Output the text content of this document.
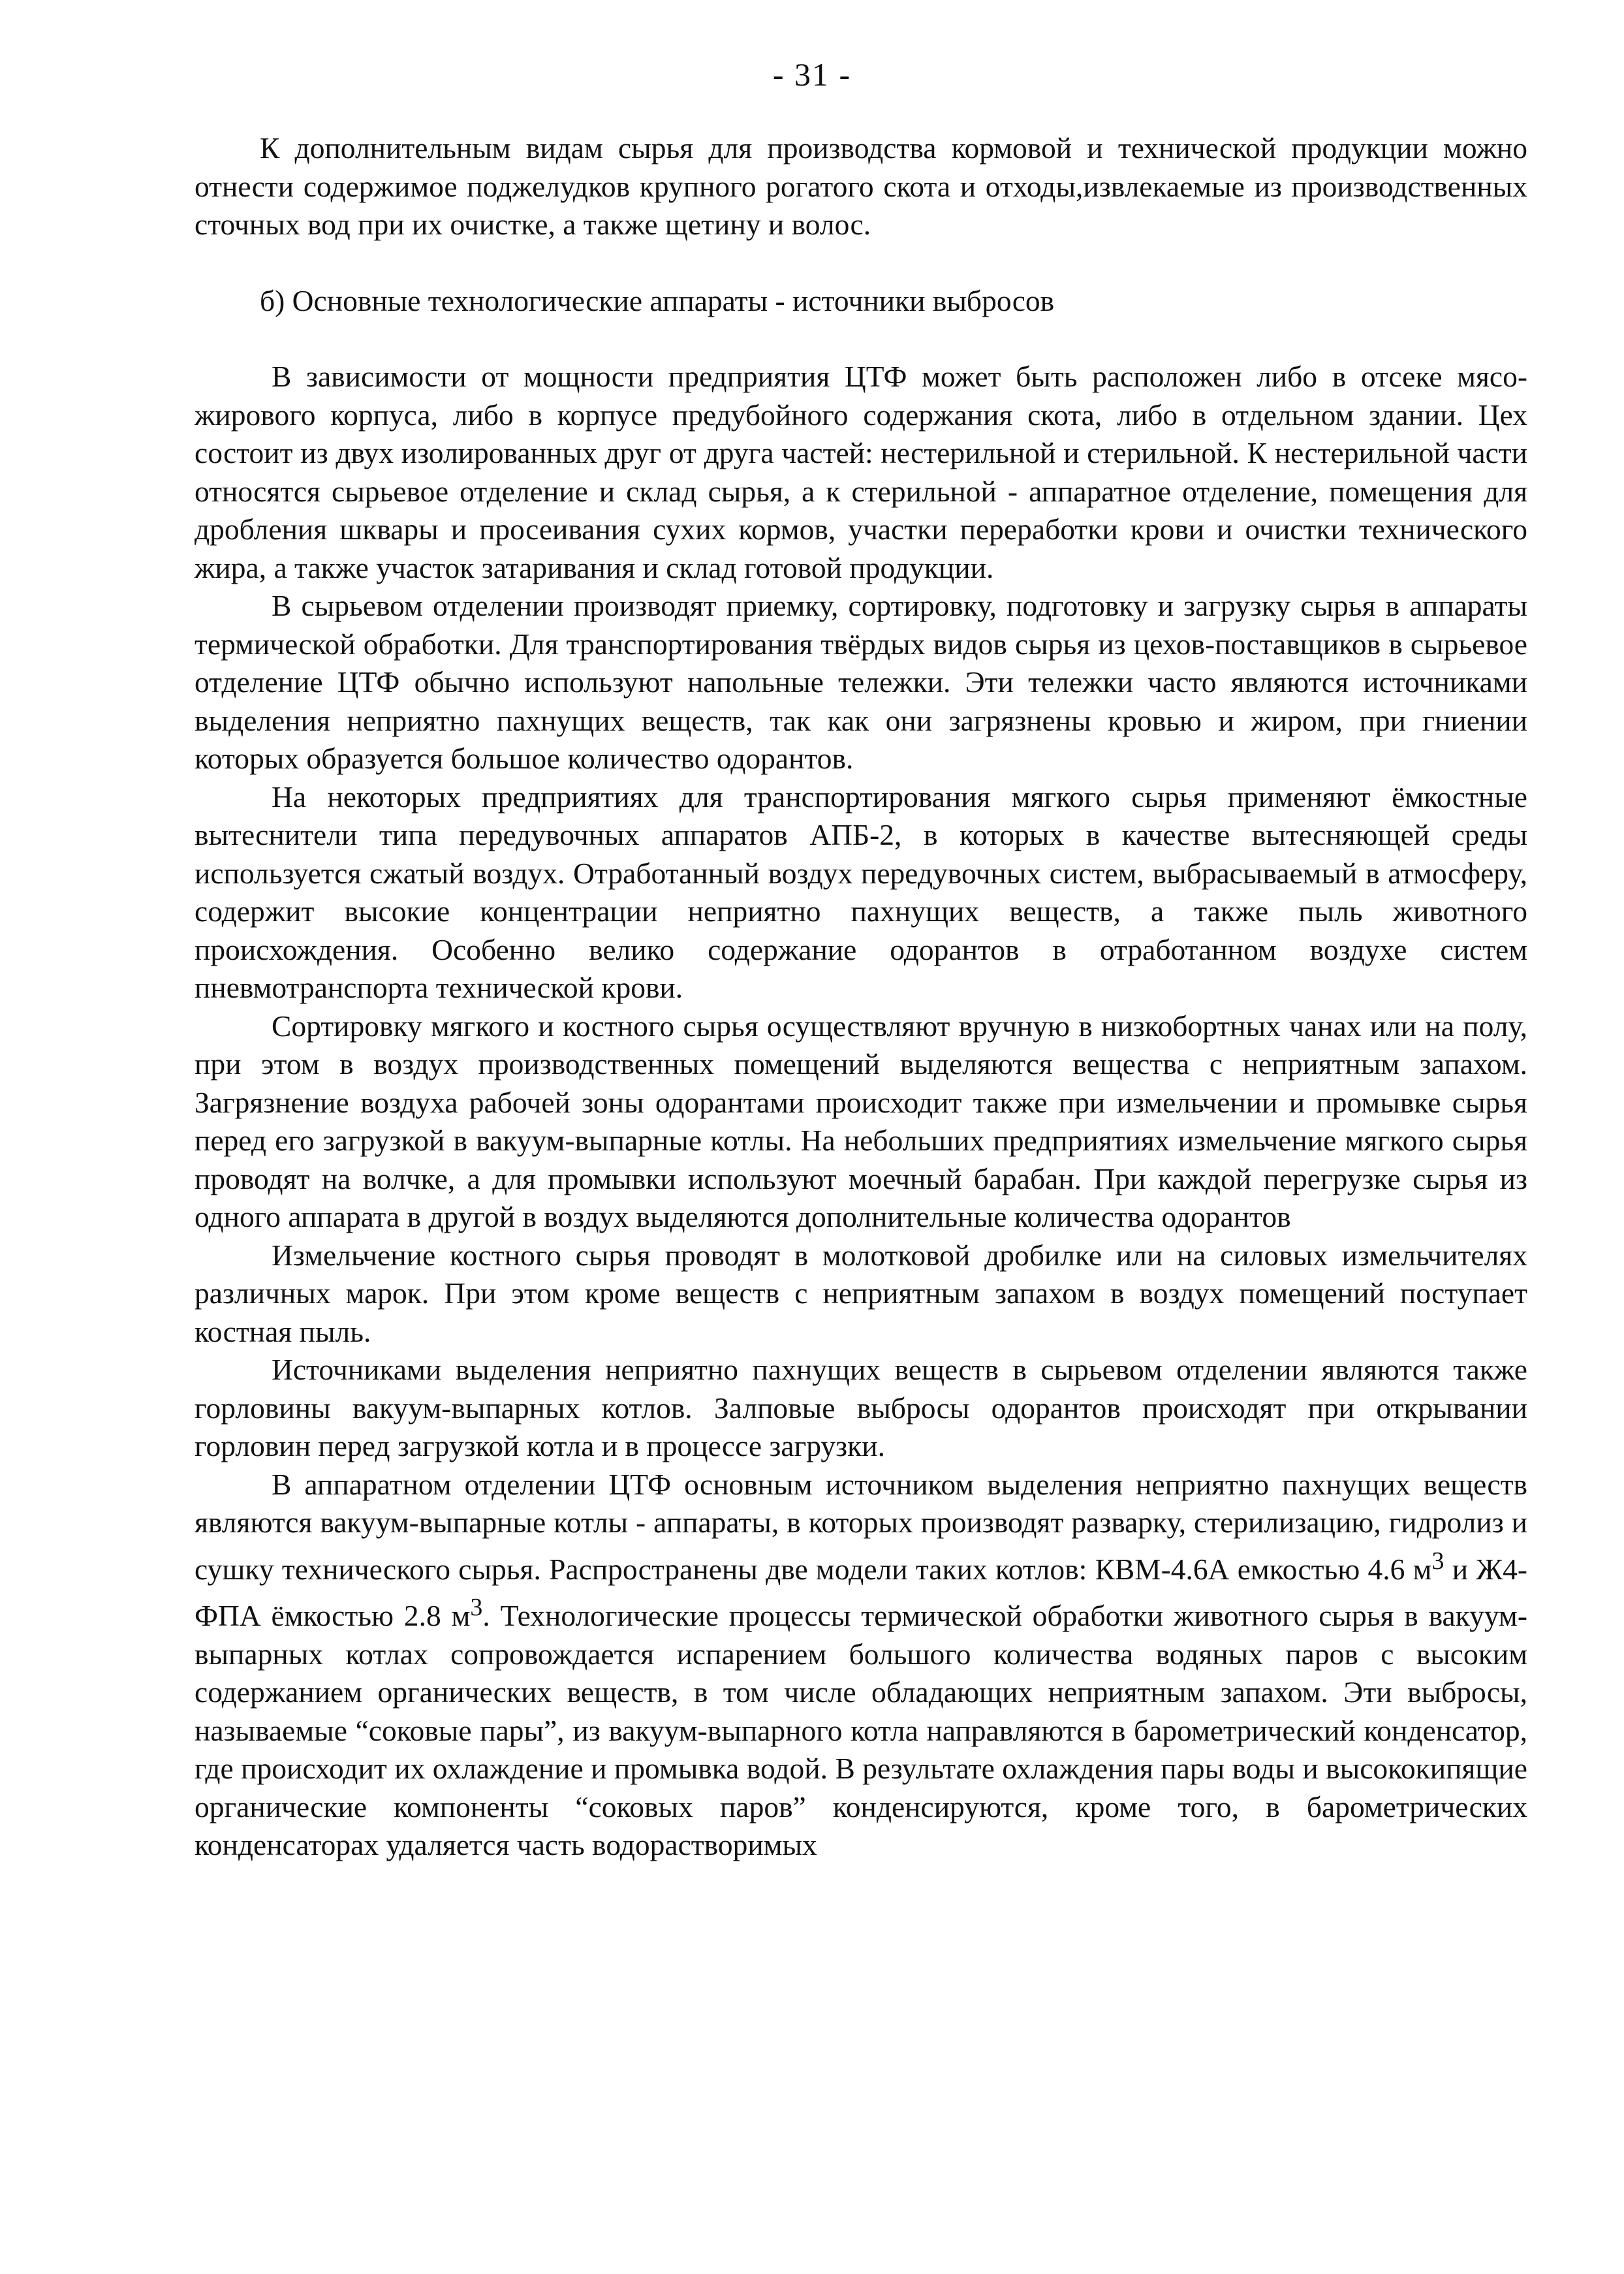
- 31 -

К дополнительным видам сырья для производства кормовой и технической продукции можно отнести содержимое поджелудков крупного рогатого скота и отходы,извлекаемые из производственных сточных вод при их очистке, а также щетину и волос.

б) Основные технологические аппараты - источники выбросов

В зависимости от мощности предприятия ЦТФ может быть расположен либо в отсеке мясо-жирового корпуса, либо в корпусе предубойного содержания скота, либо в отдельном здании. Цех состоит из двух изолированных друг от друга частей: нестерильной и стерильной. К нестерильной части относятся сырьевое отделение и склад сырья, а к стерильной - аппаратное отделение, помещения для дробления шквары и просеивания сухих кормов, участки переработки крови и очистки технического жира, а также участок затаривания и склад готовой продукции.

В сырьевом отделении производят приемку, сортировку, подготовку и загрузку сырья в аппараты термической обработки. Для транспортирования твёрдых видов сырья из цехов-поставщиков в сырьевое отделение ЦТФ обычно используют напольные тележки. Эти тележки часто являются источниками выделения неприятно пахнущих веществ, так как они загрязнены кровью и жиром, при гниении которых образуется большое количество одорантов.

На некоторых предприятиях для транспортирования мягкого сырья применяют ёмкостные вытеснители типа передувочных аппаратов АПБ-2, в которых в качестве вытесняющей среды используется сжатый воздух. Отработанный воздух передувочных систем, выбрасываемый в атмосферу, содержит высокие концентрации неприятно пахнущих веществ, а также пыль животного происхождения. Особенно велико содержание одорантов в отработанном воздухе систем пневмотранспорта технической крови.

Сортировку мягкого и костного сырья осуществляют вручную в низкобортных чанах или на полу, при этом в воздух производственных помещений выделяются вещества с неприятным запахом. Загрязнение воздуха рабочей зоны одорантами происходит также при измельчении и промывке сырья перед его загрузкой в вакуум-выпарные котлы. На небольших предприятиях измельчение мягкого сырья проводят на волчке, а для промывки используют моечный барабан. При каждой перегрузке сырья из одного аппарата в другой в воздух выделяются дополнительные количества одорантов

Измельчение костного сырья проводят в молотковой дробилке или на силовых измельчителях различных марок. При этом кроме веществ с неприятным запахом в воздух помещений поступает костная пыль.

Источниками выделения неприятно пахнущих веществ в сырьевом отделении являются также горловины вакуум-выпарных котлов. Залповые выбросы одорантов происходят при открывании горловин перед загрузкой котла и в процессе загрузки.

В аппаратном отделении ЦТФ основным источником выделения неприятно пахнущих веществ являются вакуум-выпарные котлы - аппараты, в которых производят разварку, стерилизацию, гидролиз и сушку технического сырья. Распространены две модели таких котлов: КВМ-4.6А емкостью 4.6 $м^3$ и Ж4-ФПА ёмкостью 2.8 $м^3$. Технологические процессы термической обработки животного сырья в вакуум-выпарных котлах сопровождается испарением большого количества водяных паров с высоким содержанием органических веществ, в том числе обладающих неприятным запахом. Эти выбросы, называемые “соковые пары”, из вакуум-выпарного котла направляются в барометрический конденсатор, где происходит их охлаждение и промывка водой. В результате охлаждения пары воды и высококипящие органические компоненты “соковых паров” конденсируются, кроме того, в барометрических конденсаторах удаляется часть водорастворимых
